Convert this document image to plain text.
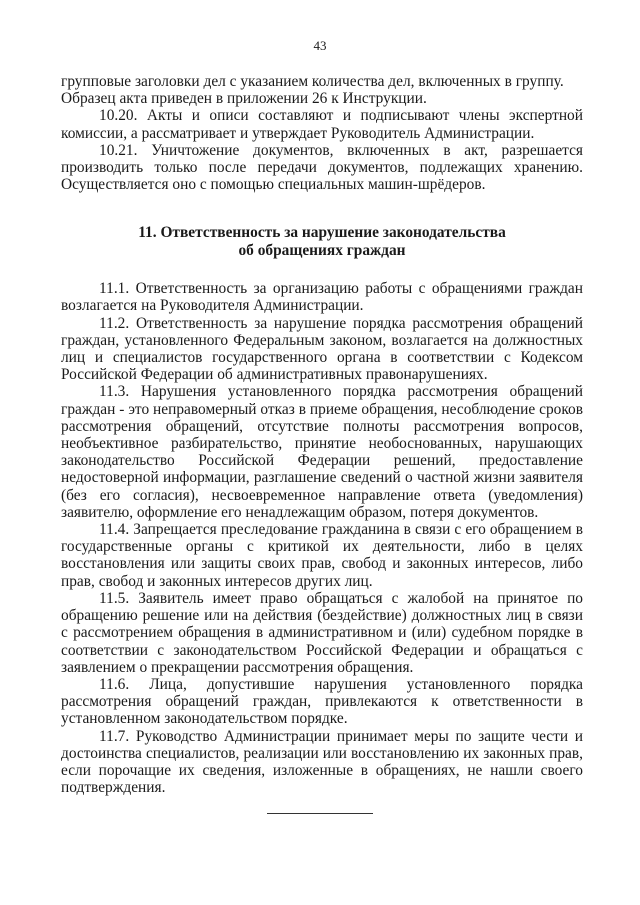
43

групповые заголовки дел с указанием количества дел, включенных в группу.

Образец акта приведен в приложении 26 к Инструкции.

10.20. Акты и описи составляют и подписывают члены экспертной комиссии, а рассматривает и утверждает Руководитель Администрации.

10.21. Уничтожение документов, включенных в акт, разрешается производить только после передачи документов, подлежащих хранению. Осуществляется оно с помощью специальных машин-шрёдеров.

11. Ответственность за нарушение законодательства

об обращениях граждан

11.1. Ответственность за организацию работы с обращениями граждан возлагается на Руководителя Администрации.

11.2. Ответственность за нарушение порядка рассмотрения обращений граждан, установленного Федеральным законом, возлагается на должностных лиц и специалистов государственного органа в соответствии с Кодексом Российской Федерации об административных правонарушениях.

11.3. Нарушения установленного порядка рассмотрения обращений граждан - это неправомерный отказ в приеме обращения, несоблюдение сроков рассмотрения обращений, отсутствие полноты рассмотрения вопросов, необъективное разбирательство, принятие необоснованных, нарушающих законодательство Российской Федерации решений, предоставление недостоверной информации, разглашение сведений о частной жизни заявителя (без его согласия), несвоевременное направление ответа (уведомления) заявителю, оформление его ненадлежащим образом, потеря документов.

11.4. Запрещается преследование гражданина в связи с его обращением в государственные органы с критикой их деятельности, либо в целях восстановления или защиты своих прав, свобод и законных интересов, либо прав, свобод и законных интересов других лиц.

11.5. Заявитель имеет право обращаться с жалобой на принятое по обращению решение или на действия (бездействие) должностных лиц в связи с рассмотрением обращения в административном и (или) судебном порядке в соответствии с законодательством Российской Федерации и обращаться с заявлением о прекращении рассмотрения обращения.

11.6. Лица, допустившие нарушения установленного порядка рассмотрения обращений граждан, привлекаются к ответственности в установленном законодательством порядке.

11.7. Руководство Администрации принимает меры по защите чести и достоинства специалистов, реализации или восстановлению их законных прав, если порочащие их сведения, изложенные в обращениях, не нашли своего подтверждения.
